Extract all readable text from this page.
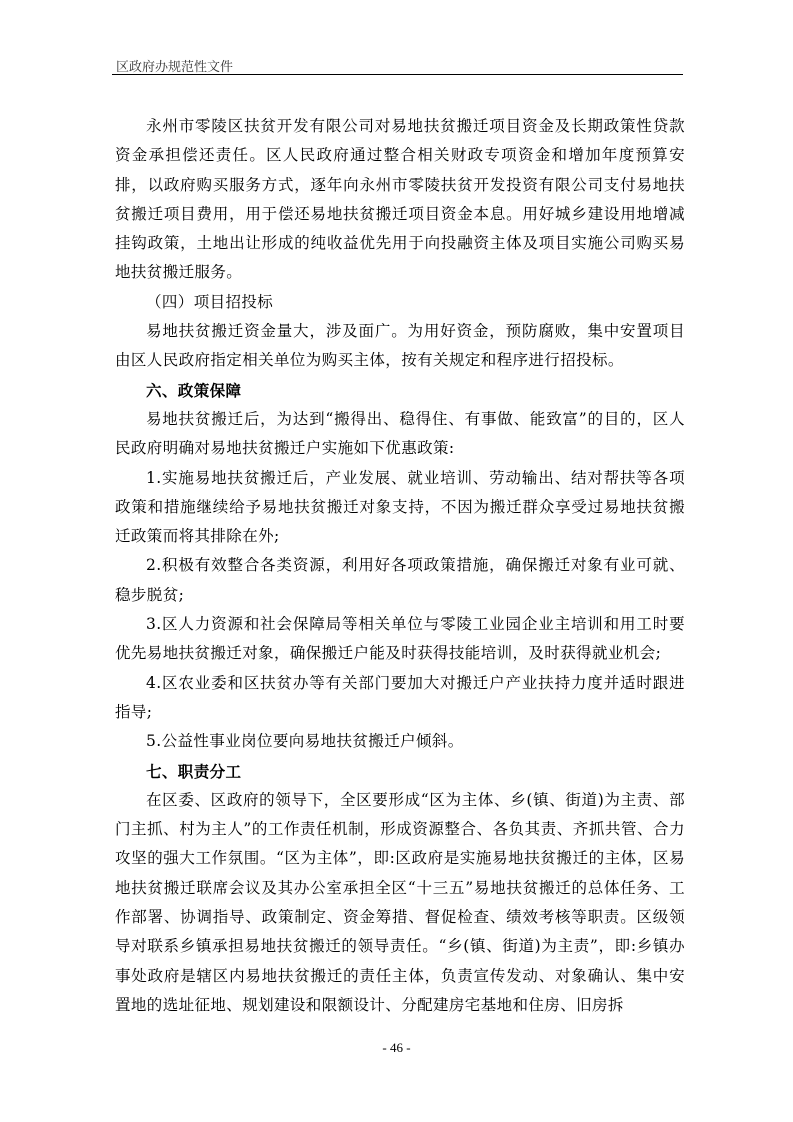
区政府办规范性文件

永州市零陵区扶贫开发有限公司对易地扶贫搬迁项目资金及长期政策性贷款资金承担偿还责任。区人民政府通过整合相关财政专项资金和增加年度预算安排，以政府购买服务方式，逐年向永州市零陵扶贫开发投资有限公司支付易地扶贫搬迁项目费用，用于偿还易地扶贫搬迁项目资金本息。用好城乡建设用地增减挂钩政策，土地出让形成的纯收益优先用于向投融资主体及项目实施公司购买易地扶贫搬迁服务。

（四）项目招投标

易地扶贫搬迁资金量大，涉及面广。为用好资金，预防腐败，集中安置项目由区人民政府指定相关单位为购买主体，按有关规定和程序进行招投标。

六、政策保障

易地扶贫搬迁后，为达到“搬得出、稳得住、有事做、能致富”的目的，区人民政府明确对易地扶贫搬迁户实施如下优惠政策:

1.实施易地扶贫搬迁后，产业发展、就业培训、劳动输出、结对帮扶等各项政策和措施继续给予易地扶贫搬迁对象支持，不因为搬迁群众享受过易地扶贫搬迁政策而将其排除在外;

2.积极有效整合各类资源，利用好各项政策措施，确保搬迁对象有业可就、稳步脱贫;

3.区人力资源和社会保障局等相关单位与零陵工业园企业主培训和用工时要优先易地扶贫搬迁对象，确保搬迁户能及时获得技能培训，及时获得就业机会;

4.区农业委和区扶贫办等有关部门要加大对搬迁户产业扶持力度并适时跟进指导;

5.公益性事业岗位要向易地扶贫搬迁户倾斜。

七、职责分工

在区委、区政府的领导下，全区要形成“区为主体、乡(镇、街道)为主责、部门主抓、村为主人”的工作责任机制，形成资源整合、各负其责、齐抓共管、合力攻坚的强大工作氛围。“区为主体”，即:区政府是实施易地扶贫搬迁的主体，区易地扶贫搬迁联席会议及其办公室承担全区“十三五”易地扶贫搬迁的总体任务、工作部署、协调指导、政策制定、资金筹措、督促检查、绩效考核等职责。区级领导对联系乡镇承担易地扶贫搬迁的领导责任。“乡(镇、街道)为主责”，即:乡镇办事处政府是辖区内易地扶贫搬迁的责任主体，负责宣传发动、对象确认、集中安置地的选址征地、规划建设和限额设计、分配建房宅基地和住房、旧房拆

- 46 -
